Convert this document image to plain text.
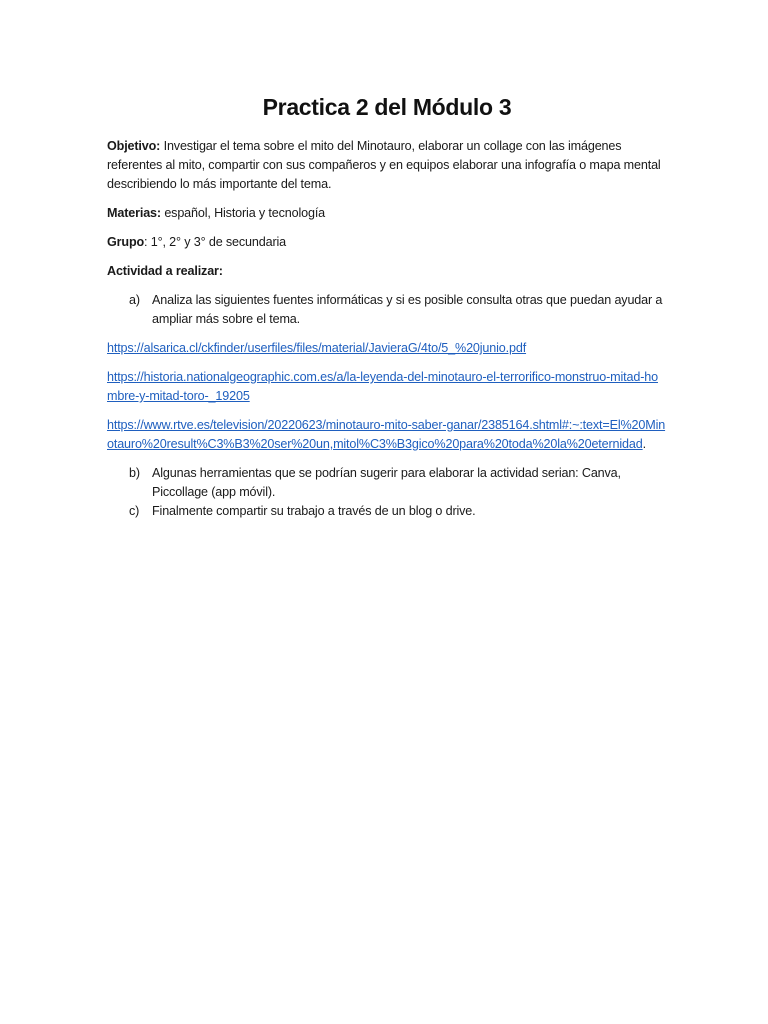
Practica 2 del Módulo 3

Objetivo: Investigar el tema sobre el mito del Minotauro, elaborar un collage con las imágenes referentes al mito, compartir con sus compañeros y en equipos elaborar una infografía o mapa mental describiendo lo más importante del tema.

Materias: español, Historia y tecnología

Grupo: 1°, 2° y 3° de secundaria

Actividad a realizar:

a) Analiza las siguientes fuentes informáticas y si es posible consulta otras que puedan ayudar a ampliar más sobre el tema.

https://alsarica.cl/ckfinder/userfiles/files/material/JavieraG/4to/5_%20junio.pdf

https://historia.nationalgeographic.com.es/a/la-leyenda-del-minotauro-el-terrorifico-monstruo-mitad-hombre-y-mitad-toro-_19205

https://www.rtve.es/television/20220623/minotauro-mito-saber-ganar/2385164.shtml#:~:text=El%20Minotauro%20result%C3%B3%20ser%20un,mitol%C3%B3gico%20para%20toda%20la%20eternidad.

b) Algunas herramientas que se podrían sugerir para elaborar la actividad serian: Canva, Piccollage (app móvil).
c) Finalmente compartir su trabajo a través de un blog o drive.
